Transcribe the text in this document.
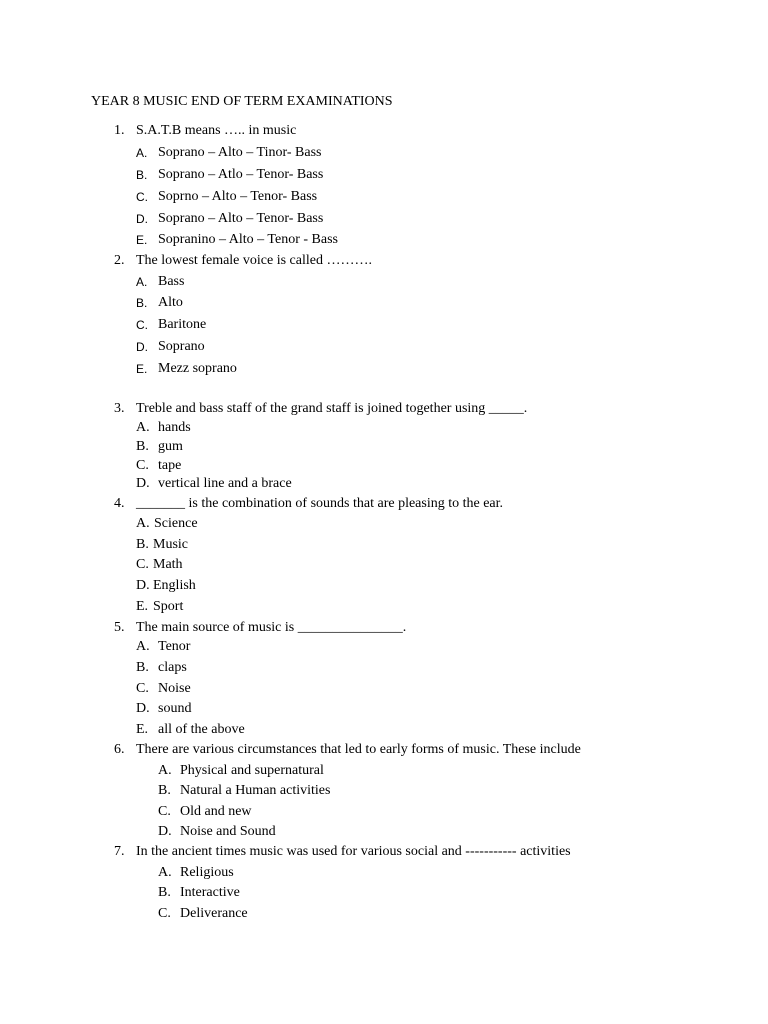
YEAR 8 MUSIC END OF TERM EXAMINATIONS
1. S.A.T.B means ….. in music
A. Soprano – Alto – Tinor- Bass
B. Soprano – Atlo – Tenor- Bass
C. Soprno – Alto – Tenor- Bass
D. Soprano – Alto – Tenor- Bass
E. Sopranino – Alto – Tenor - Bass
2. The lowest female voice is called ……….
A. Bass
B. Alto
C. Baritone
D. Soprano
E. Mezz soprano
3. Treble and bass staff of the grand staff is joined together using _____.
A. hands
B. gum
C. tape
D. vertical line and a brace
4. _______ is the combination of sounds that are pleasing to the ear.
A. Science
B. Music
C. Math
D. English
E. Sport
5. The main source of music is _______________.
A. Tenor
B. claps
C. Noise
D. sound
E. all of the above
6. There are various circumstances that led to early forms of music. These include
A. Physical and supernatural
B. Natural a Human activities
C. Old and new
D. Noise and Sound
7. In the ancient times music was used for various social and ----------- activities
A. Religious
B. Interactive
C. Deliverance
